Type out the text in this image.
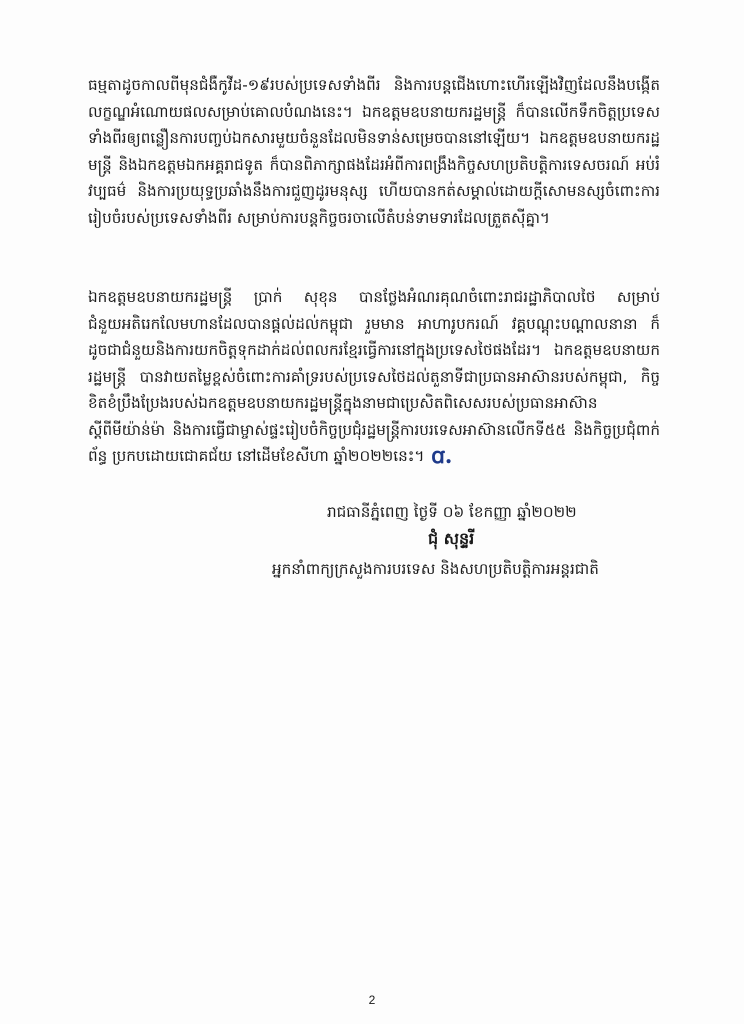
ធម្មតាដូចកាលពីមុនជំងឺកូវីដ-១៩របស់ប្រទេសទាំងពីរ និងការបន្តជើងហោះហើរឡើងវិញដែលនឹងបង្កើតលក្ខណ្ឌអំណោយផលសម្រាប់គោលបំណងនេះ។ ឯកឧត្តមឧបនាយករដ្ឋមន្ត្រី ក៏បានលើកទឹកចិត្តប្រទេសទាំងពីរឲ្យពន្លឿនការបញ្ចប់ឯកសារមួយចំនួនដែលមិនទាន់សម្រេចបាននៅឡើយ។ ឯកឧត្តមឧបនាយករដ្ឋមន្ត្រី និងឯកឧត្តមឯកអគ្គរាជទូត ក៏បានពិភាក្សាផងដែរអំពីការពង្រឹងកិច្ចសហប្រតិបត្តិការទេសចរណ៍ អប់រំ វប្បធម៌ និងការប្រយុទ្ធប្រឆាំងនឹងការជួញដូរមនុស្ស ហើយបានកត់សម្គាល់ដោយក្តីសោមនស្សចំពោះការរៀបចំរបស់ប្រទេសទាំងពីរ សម្រាប់ការបន្តកិច្ចចរចាលើតំបន់ទាមទារដែលត្រួតស៊ីគ្នា។
ឯកឧត្តមឧបនាយករដ្ឋមន្ត្រី ប្រាក់ សុខុន បានថ្លែងអំណរគុណចំពោះរាជរដ្ឋាភិបាលថៃ សម្រាប់ជំនួយអតិរេកលែមហានដែលបានផ្តល់ដល់កម្ពុជា រួមមាន អាហារូបករណ៍ វគ្គបណ្តុះបណ្តាលនានា ក៏ដូចជាជំនួយនិងការយកចិត្តទុកដាក់ដល់ពលករខ្មែរធ្វើការនៅក្នុងប្រទេសថៃផងដែរ។ ឯកឧត្តមឧបនាយករដ្ឋមន្ត្រី បានវាយតម្លៃខ្ពស់ចំពោះការគាំទ្ររបស់ប្រទេសថៃដល់តួនាទីជាប្រធានអាស៊ានរបស់កម្ពុជា, កិច្ចខិតខំប្រឹងប្រែងរបស់ឯកឧត្តមឧបនាយករដ្ឋមន្ត្រីក្នុងនាមជាប្រេសិតពិសេសរបស់ប្រធានអាស៊ានស្តីពីមីយ៉ាន់ម៉ា និងការធ្វើជាម្ចាស់ផ្ទះរៀបចំកិច្ចប្រជុំរដ្ឋមន្ត្រីការបរទេសអាស៊ានលើកទី៥៥ និងកិច្ចប្រជុំពាក់ព័ន្ធ ប្រកបដោយជោគជ័យ នៅដើមខែសីហា ឆ្នាំ២០២២នេះ។ ꭤ.
រាជធានីភ្នំពេញ ថ្ងៃទី ០៦ ខែកញ្ញា ឆ្នាំ២០២២
ជុំ សុន្ទរី
អ្នកនាំពាក្យក្រសួងការបរទេស និងសហប្រតិបត្តិការអន្តរជាតិ
2
